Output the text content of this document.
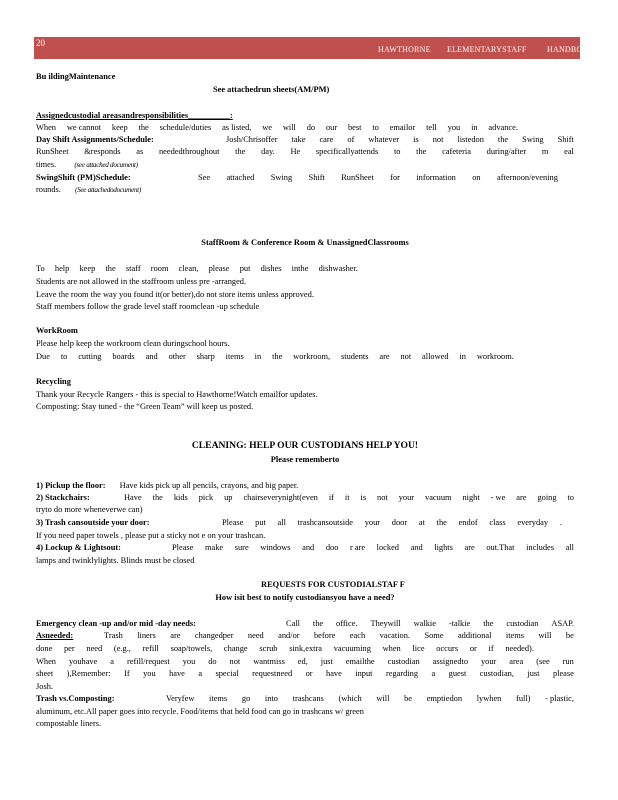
20
HAWTHORNE ELEMENTARYSTAFF	HANDBOOK
Bu ildingMaintenance
See attachedrun sheets(AM/PM)
Assignedcustodial areasandresponsibilities__________:
When we cannot keep the schedule/duties as listed, we will do our best to emailor tell you in advance.
Day Shift Assignments/Schedule:	Josh/Chrisoffer take care of whatever is not listedon the Swing Shift
RunSheet &responds as neededthroughout the day. He specificallyattends to the cafeteria during/after m eal
times.	(see attached document)
SwingShift (PM)Schedule:	See attached Swing Shift RunSheet for information on afternoon/evening
rounds. (See attachedodocument)
StaffRoom & Conference Room & UnassignedClassrooms
To help keep the staff room clean, please put dishes inthe dishwasher.
Students are not allowed in the staffroom unless pre -arranged.
Leave the room the way you found it(or better),do not store items unless approved.
Staff members follow the grade level staff roomclean -up schedule
WorkRoom
Please help keep the workroom clean duringschool hours.
Due to cutting boards and other sharp items in the workroom, students are not allowed in workroom.
Recycling
Thank your Recycle Rangers - this is special to Hawthorne!Watch emailfor updates.
Composting: Stay tuned - the “Green Team” will keep us posted.
CLEANING: HELP OUR CUSTODIANS HELP YOU!
Please rememberto
1) Pickup the floor: Have kids pick up all pencils, crayons, and big paper.
2) Stackchairs:	Have the kids pick up chairseverynight(even if it is not your vacuum night - we are going to
tryto do more wheneverwe can)
3) Trash cansoutside your door:	Please put all trashcansoutside your door at the endof class everyday .
If you need paper towels , please put a sticky not e on your trashcan.
4) Lockup & Lightsout:	Please make sure windows and doo r are locked and lights are out.That includes all
lamps and twinklylights. Blinds must be closed
REQUESTS FOR CUSTODIALSTAF F
How isit best to notify custodiansyou have a need?
Emergency clean -up and/or mid -day needs:	Call the office. Theywill walkie -talkie the custodian ASAP.
Asneeded:	Trash liners are changedper need and/or before each vacation. Some additional items will be
done per need (e.g., refill soap/towels, change scrub sink,extra vacuuming when lice occurs or if needed).
When youhave a refill/request you do not wantmiss ed, just emailthe custodian assignedto your area (see run
sheet ),Remember: If you have a special requestneed or have input regarding a guest custodian, just please
Josh.
Trash vs.Composting:	Veryfew items go into trashcans (which will be emptiedon lywhen full) - plastic,
aluminum, etc.All paper goes into recycle. Food/items that held food can go in trashcans w/ green
compostable liners.
